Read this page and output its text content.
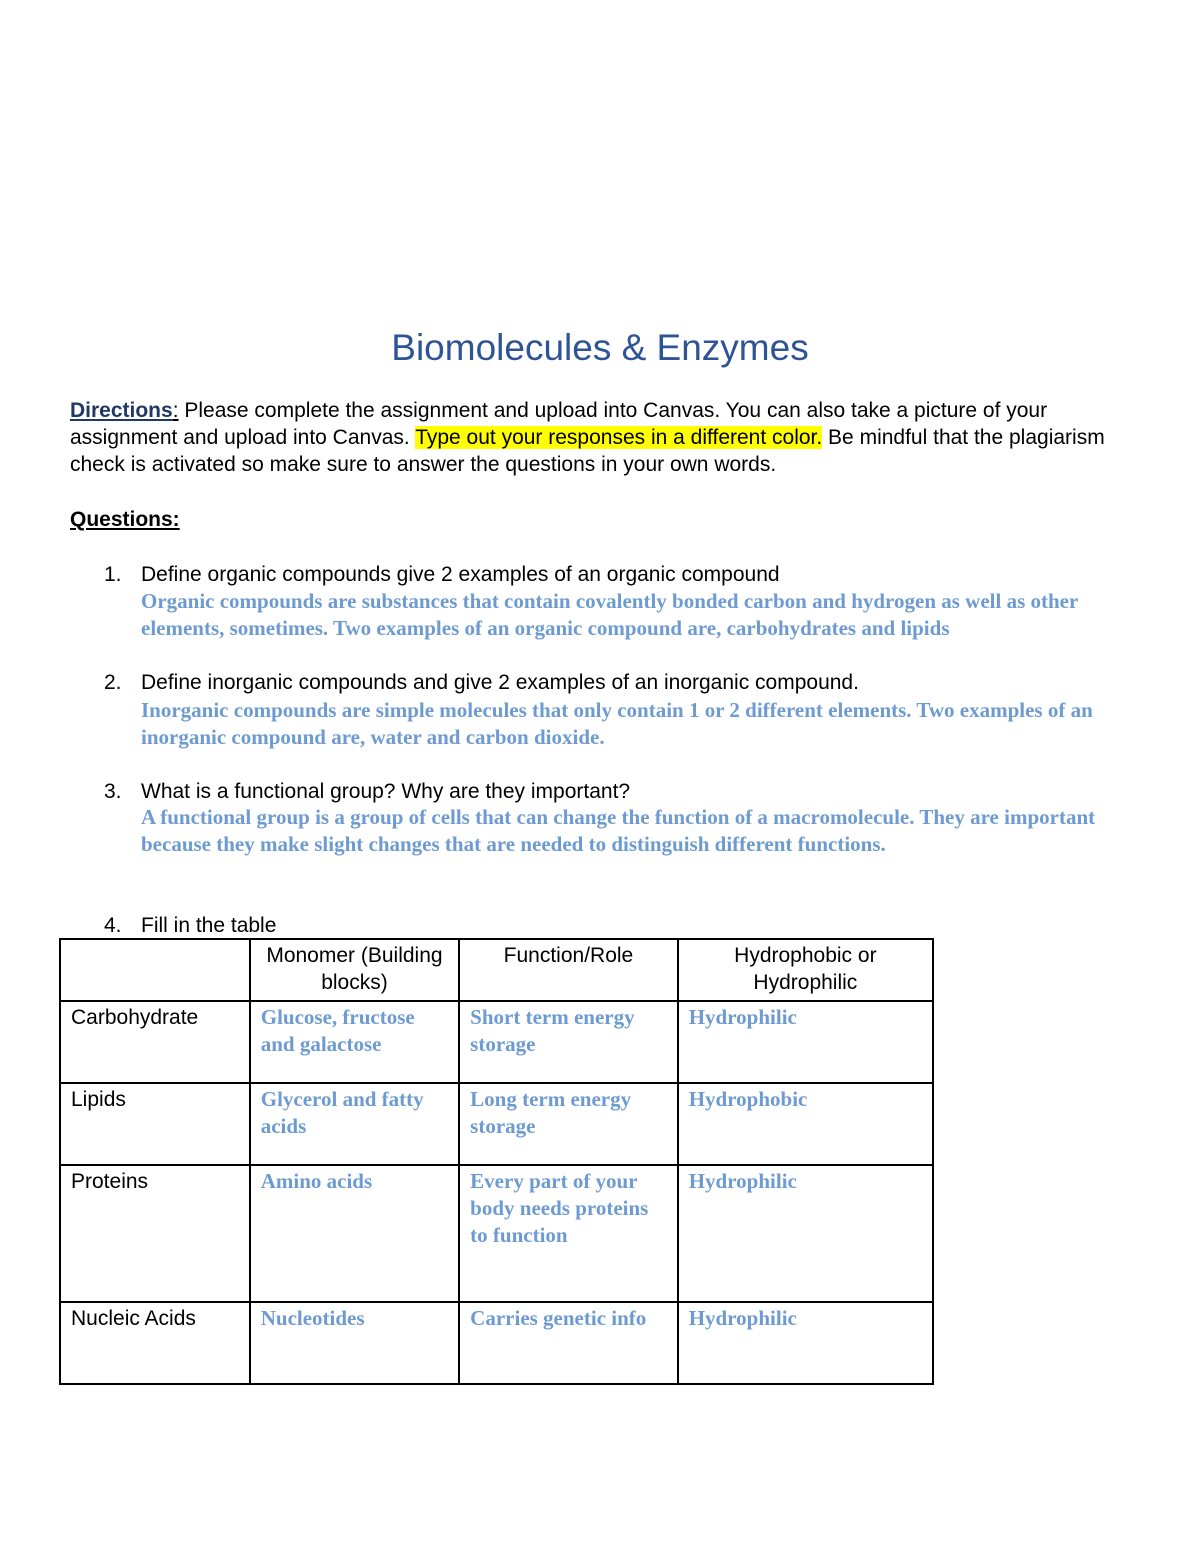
Biomolecules & Enzymes

Directions: Please complete the assignment and upload into Canvas. You can also take a picture of your assignment and upload into Canvas. Type out your responses in a different color. Be mindful that the plagiarism check is activated so make sure to answer the questions in your own words.

Questions:

1. Define organic compounds give 2 examples of an organic compound
Organic compounds are substances that contain covalently bonded carbon and hydrogen as well as other elements, sometimes. Two examples of an organic compound are, carbohydrates and lipids
2. Define inorganic compounds and give 2 examples of an inorganic compound.
Inorganic compounds are simple molecules that only contain 1 or 2 different elements. Two examples of an inorganic compound are, water and carbon dioxide.
3. What is a functional group? Why are they important?
A functional group is a group of cells that can change the function of a macromolecule. They are important because they make slight changes that are needed to distinguish different functions.
4. Fill in the table
	Monomer (Building blocks)	Function/Role	Hydrophobic or Hydrophilic
Carbohydrate	Glucose, fructose and galactose	Short term energy storage	Hydrophilic
Lipids	Glycerol and fatty acids	Long term energy storage	Hydrophobic
Proteins	Amino acids	Every part of your body needs proteins to function	Hydrophilic
Nucleic Acids	Nucleotides	Carries genetic info	Hydrophilic
